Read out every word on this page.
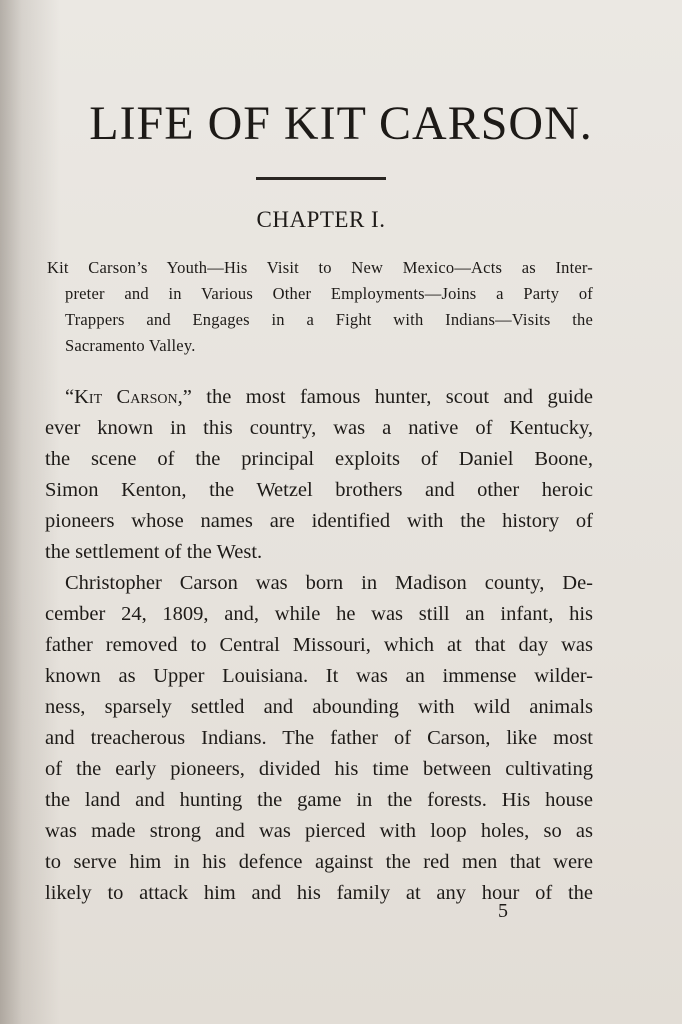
LIFE OF KIT CARSON.
CHAPTER I.
Kit Carson’s Youth—His Visit to New Mexico—Acts as Inter-
preter and in Various Other Employments—Joins a Party of
Trappers and Engages in a Fight with Indians—Visits the
Sacramento Valley.
“Kit Carson,” the most famous hunter, scout and guide
ever known in this country, was a native of Kentucky,
the scene of the principal exploits of Daniel Boone,
Simon Kenton, the Wetzel brothers and other heroic
pioneers whose names are identified with the history of
the settlement of the West.
Christopher Carson was born in Madison county, De-
cember 24, 1809, and, while he was still an infant, his
father removed to Central Missouri, which at that day was
known as Upper Louisiana. It was an immense wilder-
ness, sparsely settled and abounding with wild animals
and treacherous Indians. The father of Carson, like most
of the early pioneers, divided his time between cultivating
the land and hunting the game in the forests. His house
was made strong and was pierced with loop holes, so as
to serve him in his defence against the red men that were
likely to attack him and his family at any hour of the
5
